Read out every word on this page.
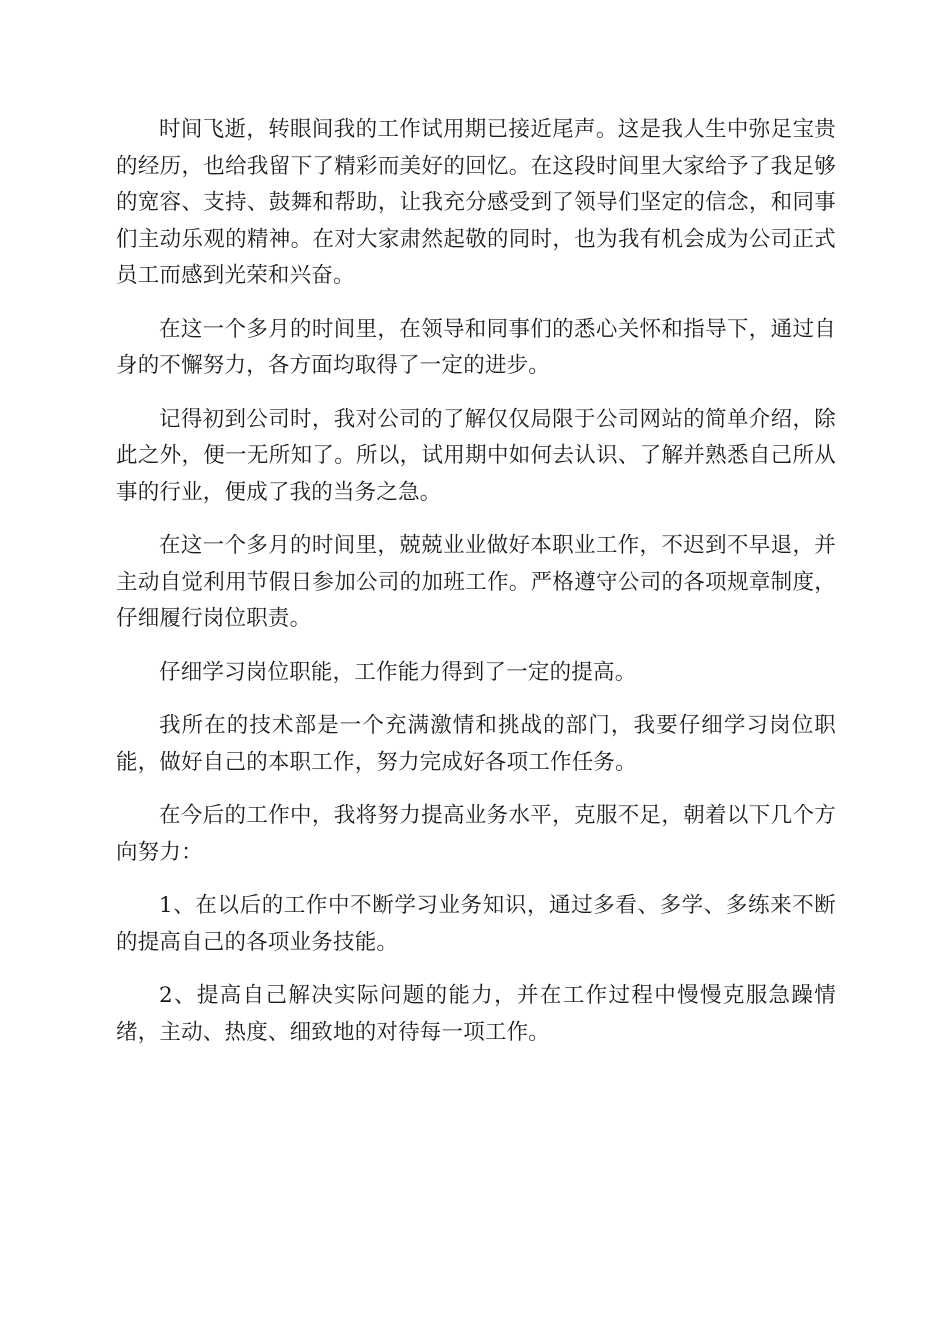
时间飞逝，转眼间我的工作试用期已接近尾声。这是我人生中弥足宝贵的经历，也给我留下了精彩而美好的回忆。在这段时间里大家给予了我足够的宽容、支持、鼓舞和帮助，让我充分感受到了领导们坚定的信念，和同事们主动乐观的精神。在对大家肃然起敬的同时，也为我有机会成为公司正式员工而感到光荣和兴奋。

在这一个多月的时间里，在领导和同事们的悉心关怀和指导下，通过自身的不懈努力，各方面均取得了一定的进步。

记得初到公司时，我对公司的了解仅仅局限于公司网站的简单介绍，除此之外，便一无所知了。所以，试用期中如何去认识、了解并熟悉自己所从事的行业，便成了我的当务之急。

在这一个多月的时间里，兢兢业业做好本职业工作，不迟到不早退，并主动自觉利用节假日参加公司的加班工作。严格遵守公司的各项规章制度，仔细履行岗位职责。

仔细学习岗位职能，工作能力得到了一定的提高。

我所在的技术部是一个充满激情和挑战的部门，我要仔细学习岗位职能，做好自己的本职工作，努力完成好各项工作任务。

在今后的工作中，我将努力提高业务水平，克服不足，朝着以下几个方向努力：

1、在以后的工作中不断学习业务知识，通过多看、多学、多练来不断的提高自己的各项业务技能。

2、提高自己解决实际问题的能力，并在工作过程中慢慢克服急躁情绪，主动、热度、细致地的对待每一项工作。
